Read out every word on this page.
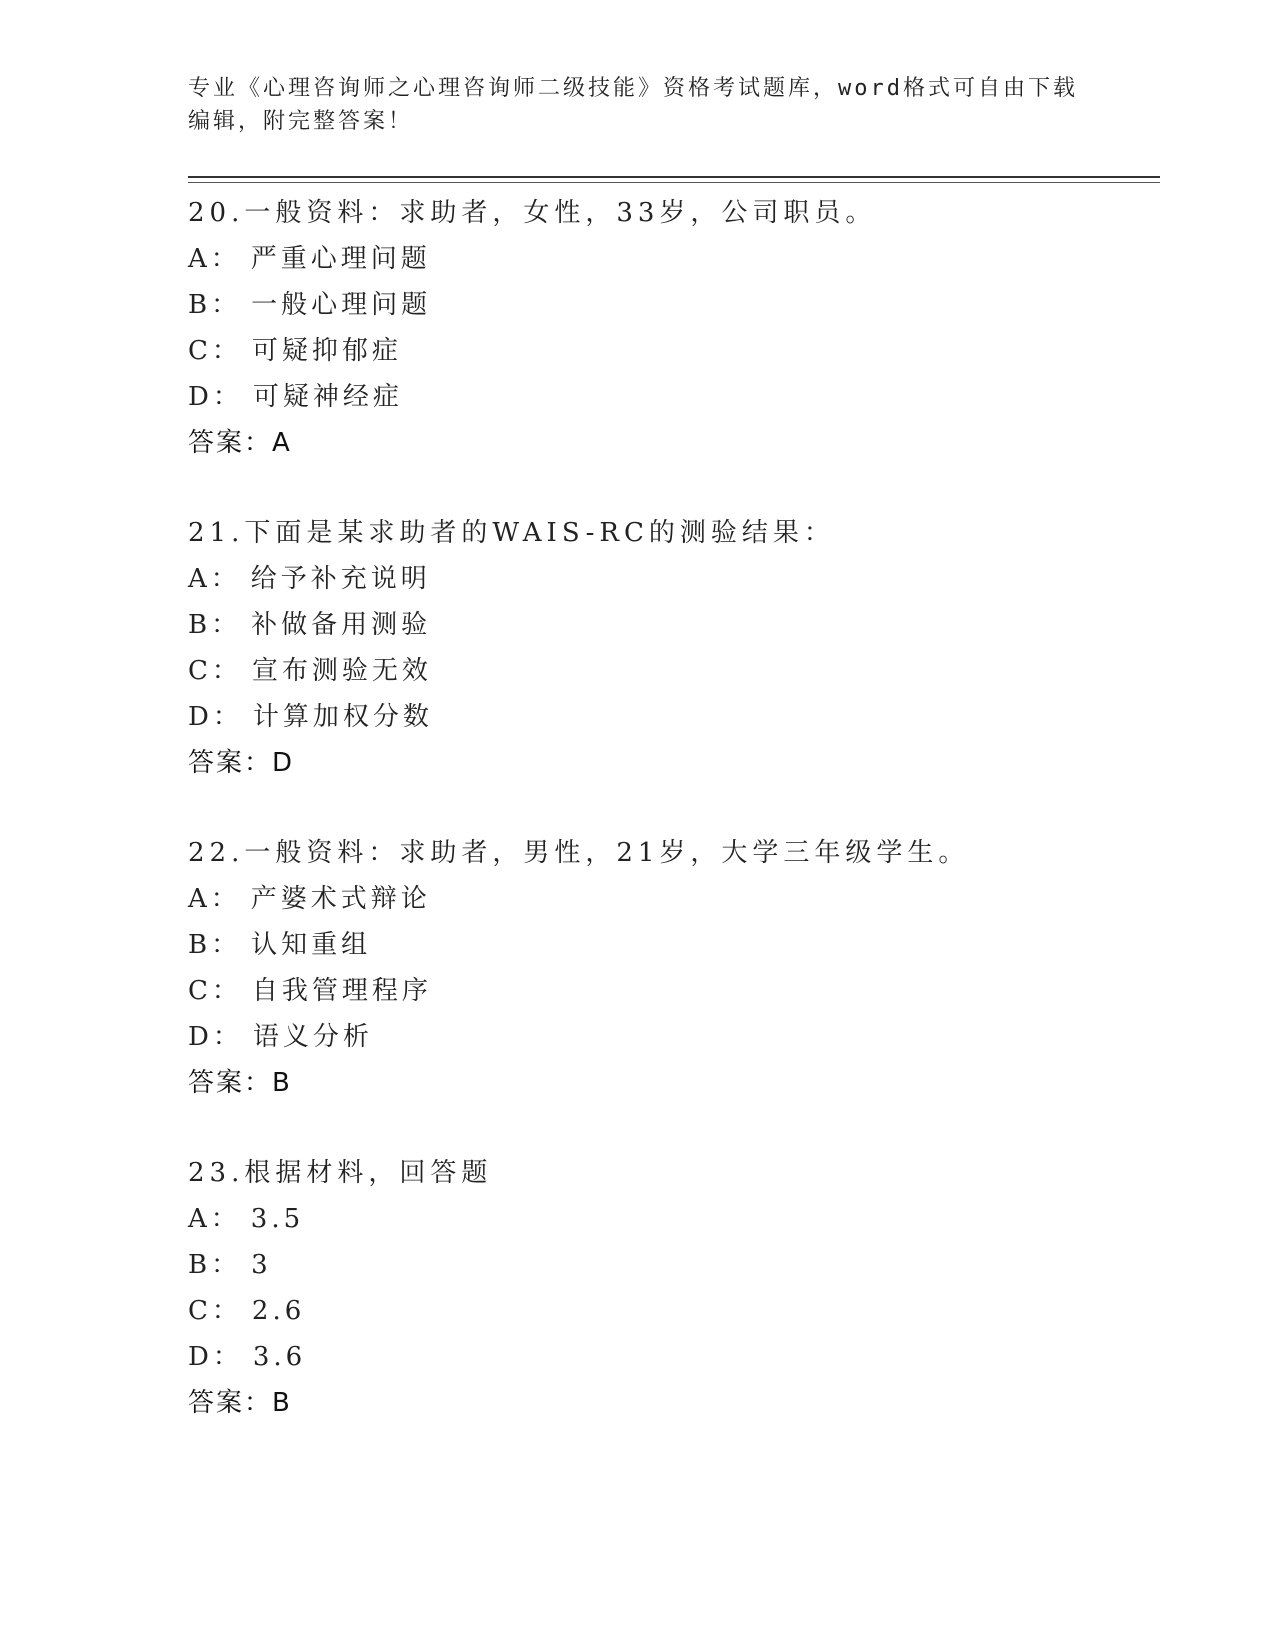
专业《心理咨询师之心理咨询师二级技能》资格考试题库，word格式可自由下载
编辑，附完整答案！
20.一般资料：求助者，女性，33岁，公司职员。
A： 严重心理问题
B： 一般心理问题
C： 可疑抑郁症
D： 可疑神经症
答案：A
21.下面是某求助者的WAIS-RC的测验结果：
A： 给予补充说明
B： 补做备用测验
C： 宣布测验无效
D： 计算加权分数
答案：D
22.一般资料：求助者，男性，21岁，大学三年级学生。
A： 产婆术式辩论
B： 认知重组
C： 自我管理程序
D： 语义分析
答案：B
23.根据材料，回答题
A： 3.5
B： 3
C： 2.6
D： 3.6
答案：B
